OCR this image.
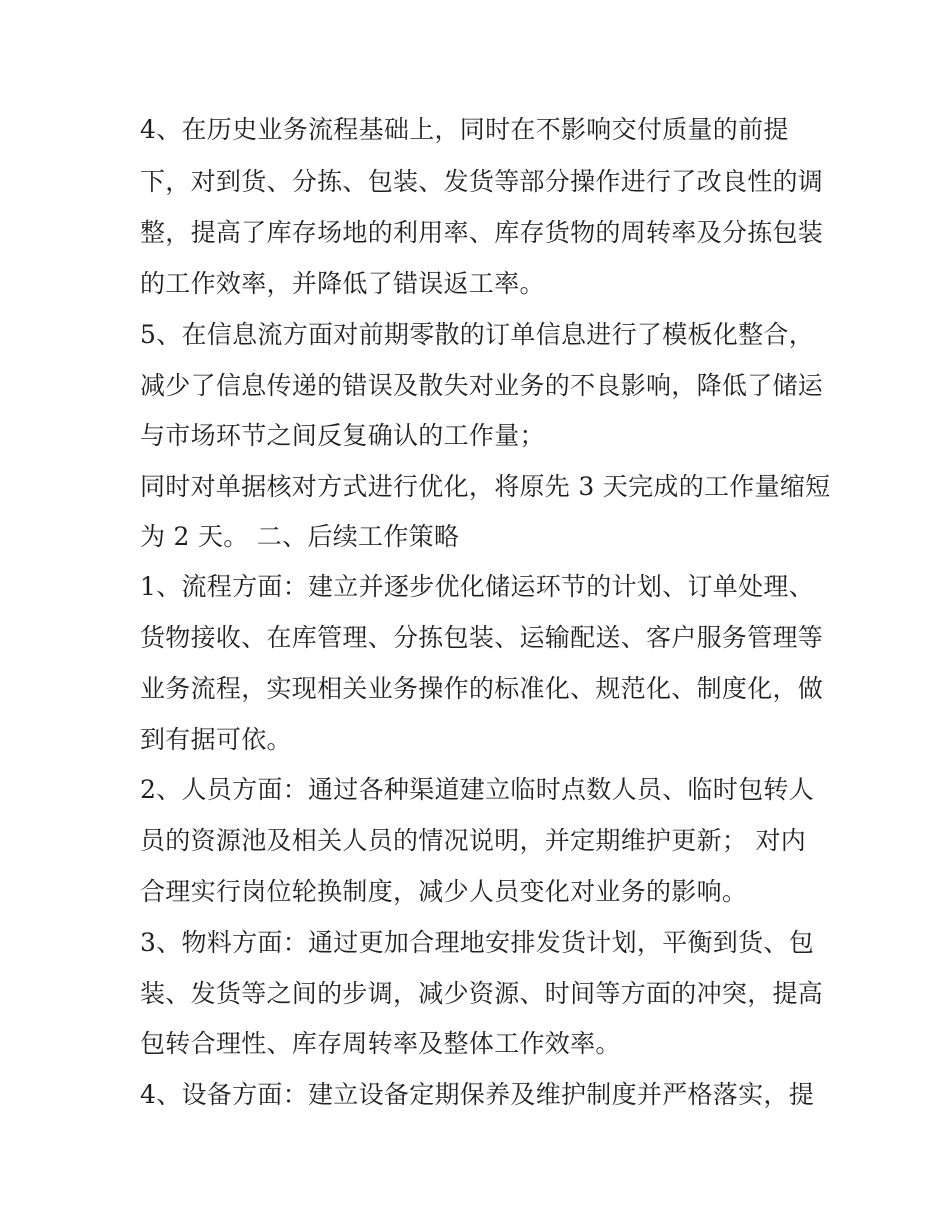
4、在历史业务流程基础上，同时在不影响交付质量的前提
下，对到货、分拣、包装、发货等部分操作进行了改良性的调
整，提高了库存场地的利用率、库存货物的周转率及分拣包装
的工作效率，并降低了错误返工率。
5、在信息流方面对前期零散的订单信息进行了模板化整合，
减少了信息传递的错误及散失对业务的不良影响，降低了储运
与市场环节之间反复确认的工作量；
同时对单据核对方式进行优化，将原先 3 天完成的工作量缩短
为 2 天。 二、后续工作策略
1、流程方面：建立并逐步优化储运环节的计划、订单处理、
货物接收、在库管理、分拣包装、运输配送、客户服务管理等
业务流程，实现相关业务操作的标准化、规范化、制度化，做
到有据可依。
2、人员方面：通过各种渠道建立临时点数人员、临时包转人
员的资源池及相关人员的情况说明，并定期维护更新； 对内
合理实行岗位轮换制度，减少人员变化对业务的影响。
3、物料方面：通过更加合理地安排发货计划，平衡到货、包
装、发货等之间的步调，减少资源、时间等方面的冲突，提高
包转合理性、库存周转率及整体工作效率。
4、设备方面：建立设备定期保养及维护制度并严格落实，提
